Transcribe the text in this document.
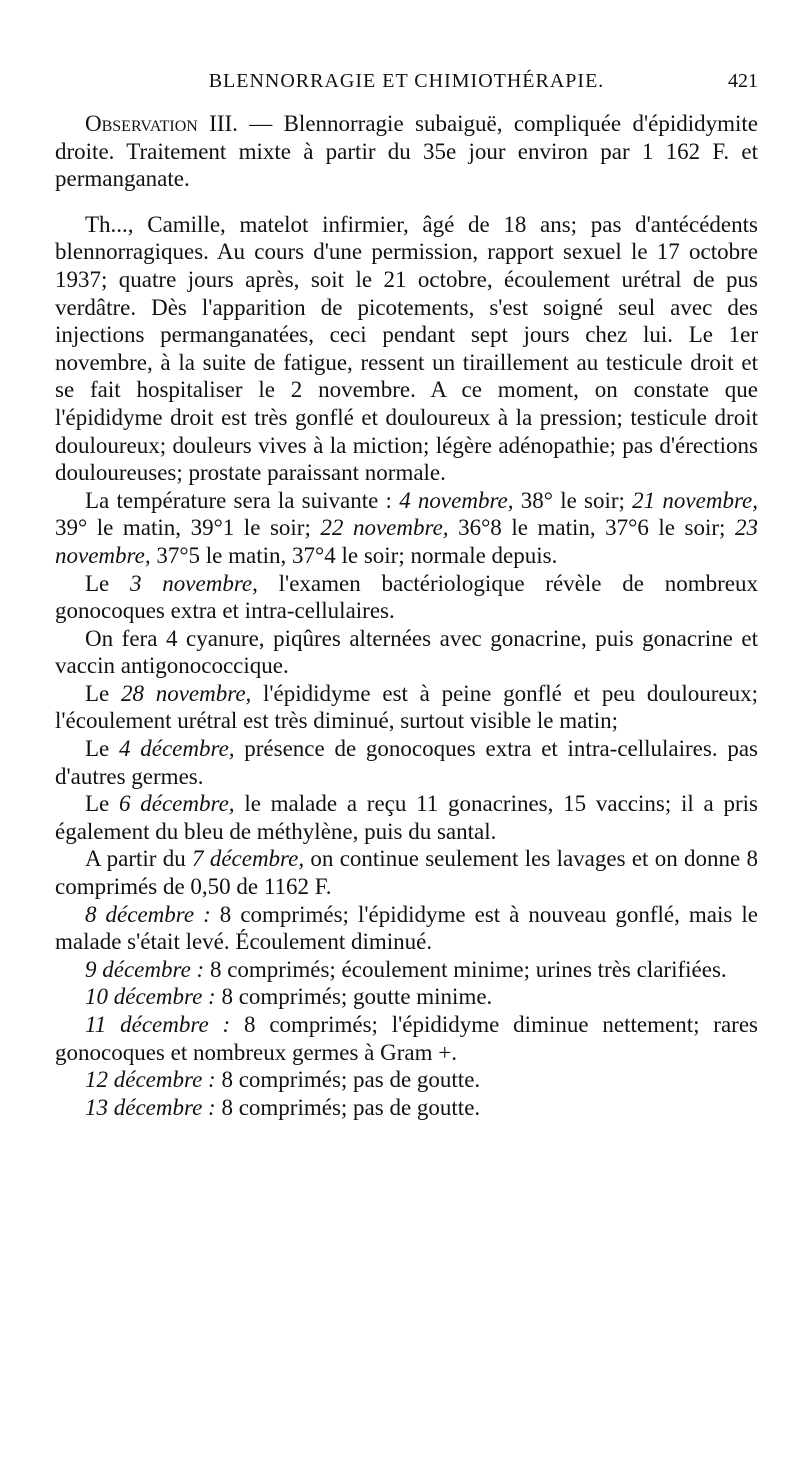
BLENNORRAGIE ET CHIMIOTHÉRAPIE.	421

Observation III. — Blennorragie subaiguë, compliquée d'épididymite droite. Traitement mixte à partir du 35e jour environ par 1 162 F. et permanganate.

Th..., Camille, matelot infirmier, âgé de 18 ans; pas d'antécédents blennorragiques. Au cours d'une permission, rapport sexuel le 17 octobre 1937; quatre jours après, soit le 21 octobre, écoulement urétral de pus verdâtre. Dès l'apparition de picotements, s'est soigné seul avec des injections permanganatées, ceci pendant sept jours chez lui. Le 1er novembre, à la suite de fatigue, ressent un tiraillement au testicule droit et se fait hospitaliser le 2 novembre. A ce moment, on constate que l'épididyme droit est très gonflé et douloureux à la pression; testicule droit douloureux; douleurs vives à la miction; légère adénopathie; pas d'érections douloureuses; prostate paraissant normale.

La température sera la suivante : 4 novembre, 38° le soir; 21 novembre, 39° le matin, 39°1 le soir; 22 novembre, 36°8 le matin, 37°6 le soir; 23 novembre, 37°5 le matin, 37°4 le soir; normale depuis.

Le 3 novembre, l'examen bactériologique révèle de nombreux gonocoques extra et intra-cellulaires.

On fera 4 cyanure, piqûres alternées avec gonacrine, puis gonacrine et vaccin antigonococcique.

Le 28 novembre, l'épididyme est à peine gonflé et peu douloureux; l'écoulement urétral est très diminué, surtout visible le matin;

Le 4 décembre, présence de gonocoques extra et intra-cellulaires. pas d'autres germes.

Le 6 décembre, le malade a reçu 11 gonacrines, 15 vaccins; il a pris également du bleu de méthylène, puis du santal.

A partir du 7 décembre, on continue seulement les lavages et on donne 8 comprimés de 0,50 de 1162 F.

8 décembre : 8 comprimés; l'épididyme est à nouveau gonflé, mais le malade s'était levé. Écoulement diminué.

9 décembre : 8 comprimés; écoulement minime; urines très clarifiées.

10 décembre : 8 comprimés; goutte minime.

11 décembre : 8 comprimés; l'épididyme diminue nettement; rares gonocoques et nombreux germes à Gram +.

12 décembre : 8 comprimés; pas de goutte.

13 décembre : 8 comprimés; pas de goutte.
